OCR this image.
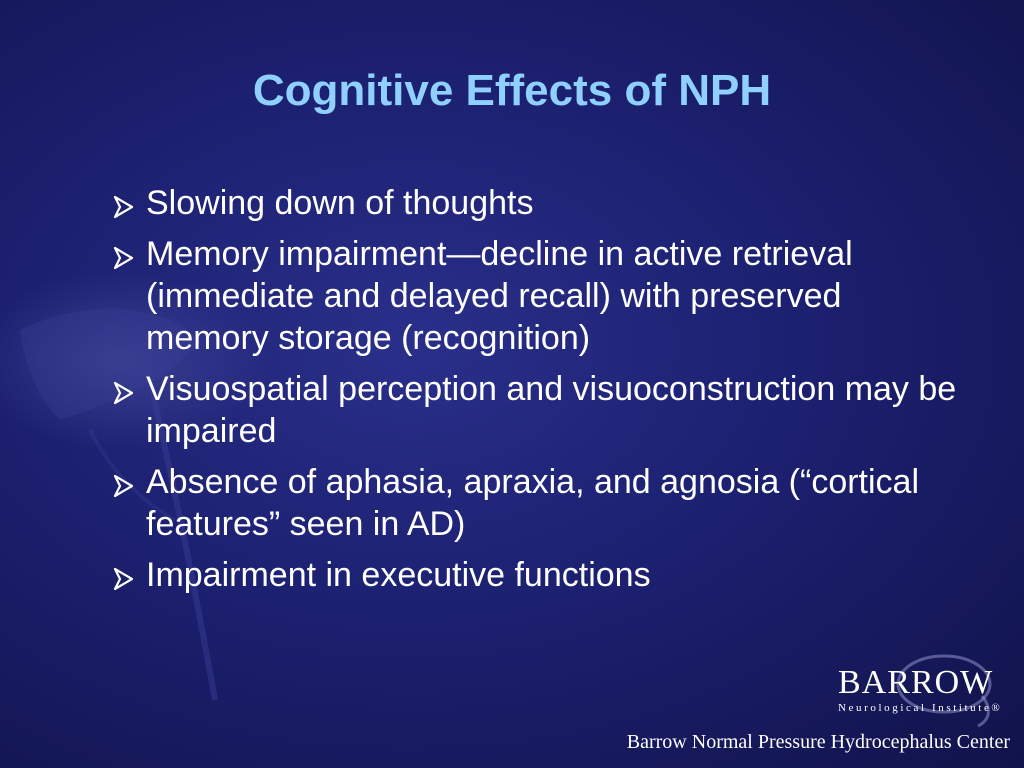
Cognitive Effects of NPH
Slowing down of thoughts
Memory impairment—decline in active retrieval (immediate and delayed recall) with preserved memory storage (recognition)
Visuospatial perception and visuoconstruction may be impaired
Absence of aphasia, apraxia, and agnosia (“cortical features” seen in AD)
Impairment in executive functions
BARROW
Neurological Institute®
Barrow Normal Pressure Hydrocephalus Center
